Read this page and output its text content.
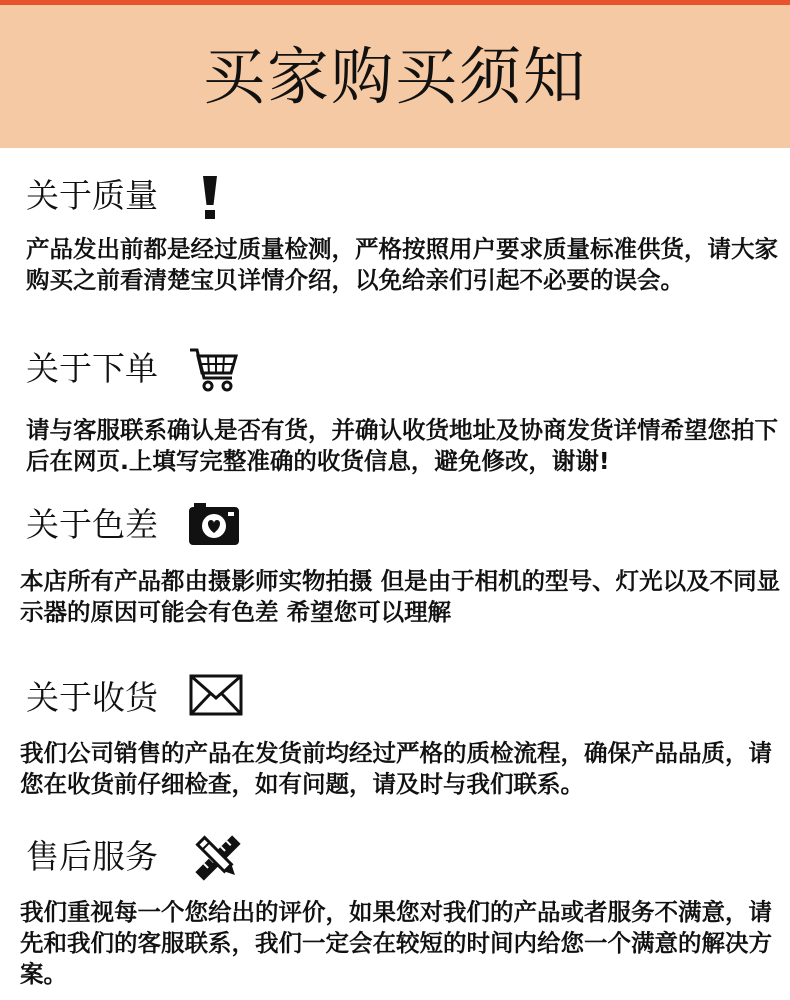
买家购买须知
关于质量
产品发出前都是经过质量检测，严格按照用户要求质量标准供货，请大家购买之前看清楚宝贝详情介绍，以免给亲们引起不必要的误会。
关于下单
请与客服联系确认是否有货，并确认收货地址及协商发货详情希望您拍下后在网页.上填写完整准确的收货信息，避免修改，谢谢!
关于色差
本店所有产品都由摄影师实物拍摄 但是由于相机的型号、灯光以及不同显示器的原因可能会有色差 希望您可以理解
关于收货
我们公司销售的产品在发货前均经过严格的质检流程，确保产品品质，请您在收货前仔细检查，如有问题，请及时与我们联系。
售后服务
我们重视每一个您给出的评价，如果您对我们的产品或者服务不满意，请先和我们的客服联系，我们一定会在较短的时间内给您一个满意的解决方案。
